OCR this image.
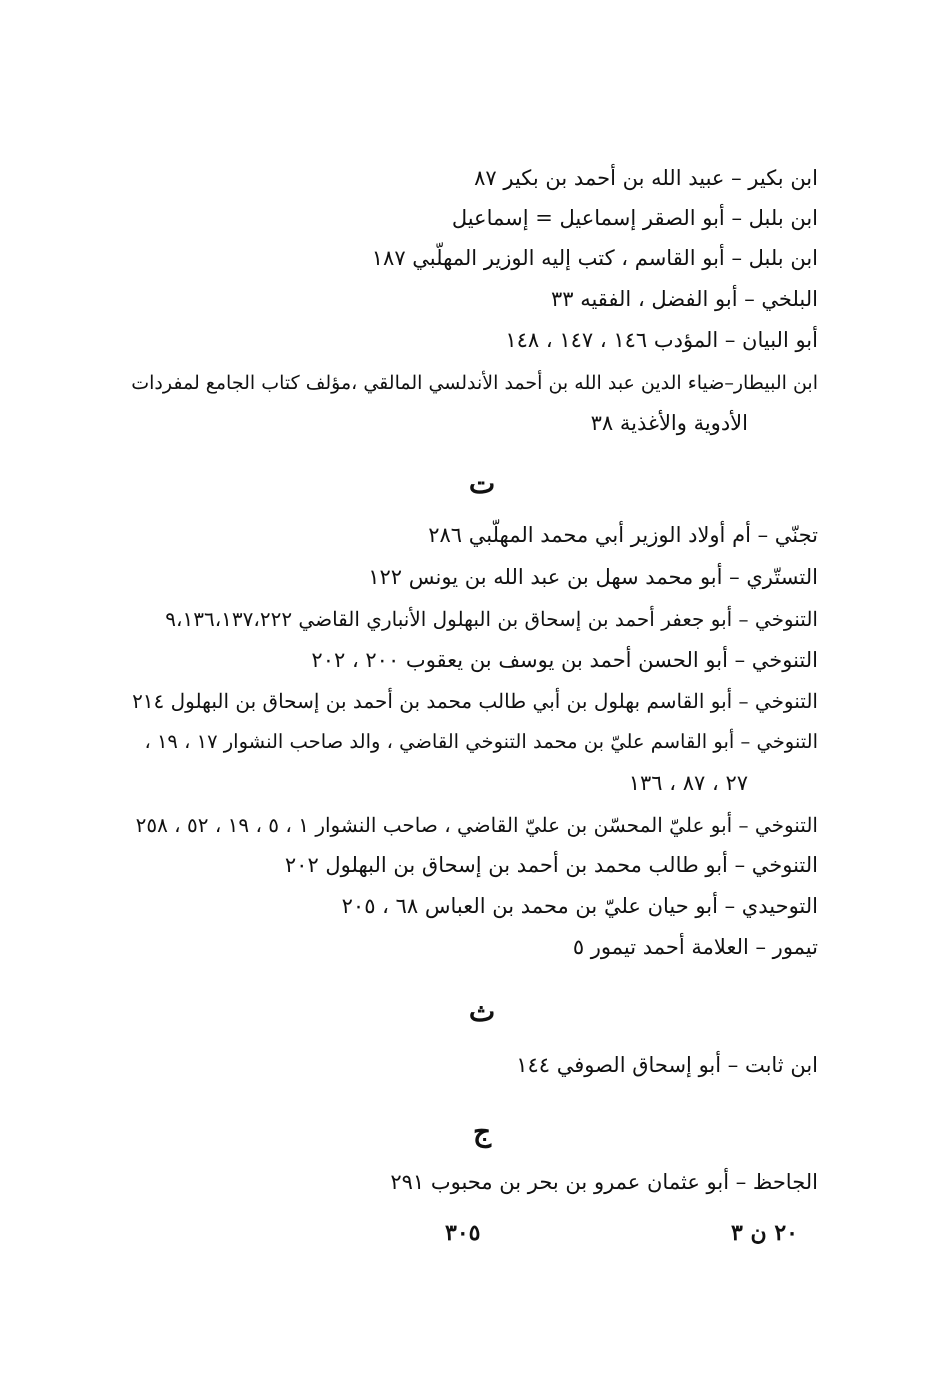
ابن بكير – عبيد الله بن أحمد بن بكير ٨٧
ابن بلبل – أبو الصقر إسماعيل = إسماعيل
ابن بلبل – أبو القاسم ، كتب إليه الوزير المهلّبي ١٨٧
البلخي – أبو الفضل ، الفقيه ٣٣
أبو البيان – المؤدب ١٤٦ ، ١٤٧ ، ١٤٨
ابن البيطار–ضياء الدين عبد الله بن أحمد الأندلسي المالقي ،مؤلف كتاب الجامع لمفردات
الأدوية والأغذية ٣٨
ت
تجنّي – أم أولاد الوزير أبي محمد المهلّبي ٢٨٦
التستّري – أبو محمد سهل بن عبد الله بن يونس ١٢٢
التنوخي – أبو جعفر أحمد بن إسحاق بن البهلول الأنباري القاضي ٩،١٣٦،١٣٧،٢٢٢
التنوخي – أبو الحسن أحمد بن يوسف بن يعقوب ٢٠٠ ، ٢٠٢
التنوخي – أبو القاسم بهلول بن أبي طالب محمد بن أحمد بن إسحاق بن البهلول ٢١٤
التنوخي – أبو القاسم عليّ بن محمد التنوخي القاضي ، والد صاحب النشوار ١٧ ، ١٩ ،
٢٧ ، ٨٧ ، ١٣٦
التنوخي – أبو عليّ المحسّن بن عليّ القاضي ، صاحب النشوار ١ ، ٥ ، ١٩ ، ٥٢ ، ٢٥٨
التنوخي – أبو طالب محمد بن أحمد بن إسحاق بن البهلول ٢٠٢
التوحيدي – أبو حيان عليّ بن محمد بن العباس ٦٨ ، ٢٠٥
تيمور – العلامة أحمد تيمور ٥
ث
ابن ثابت – أبو إسحاق الصوفي ١٤٤
ج
الجاحظ – أبو عثمان عمرو بن بحر بن محبوب ٢٩١
٢٠ ن ٣
٣٠٥
